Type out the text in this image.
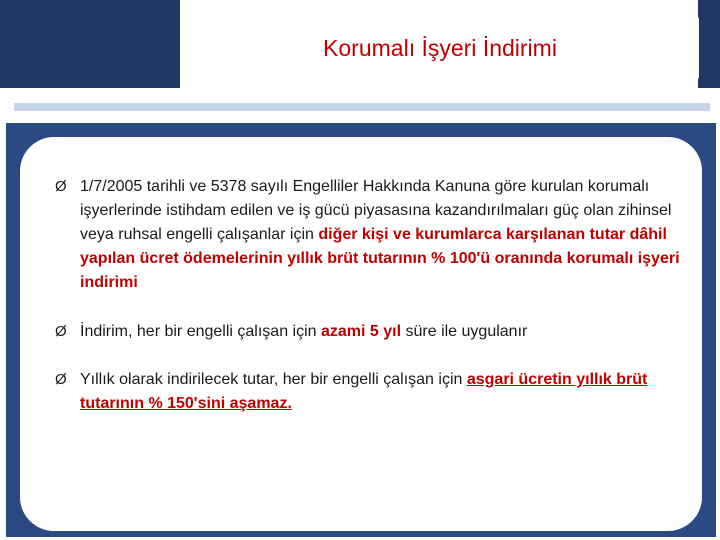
Korumalı İşyeri İndirimi
Ø 1/7/2005 tarihli ve 5378 sayılı Engelliler Hakkında Kanuna göre kurulan korumalı işyerlerinde istihdam edilen ve iş gücü piyasasına kazandırılmaları güç olan zihinsel veya ruhsal engelli çalışanlar için diğer kişi ve kurumlarca karşılanan tutar dâhil yapılan ücret ödemelerinin yıllık brüt tutarının % 100'ü oranında korumalı işyeri indirimi
Ø İndirim, her bir engelli çalışan için azami 5 yıl süre ile uygulanır
Ø Yıllık olarak indirilecek tutar, her bir engelli çalışan için asgari ücretin yıllık brüt tutarının % 150'sini aşamaz.
